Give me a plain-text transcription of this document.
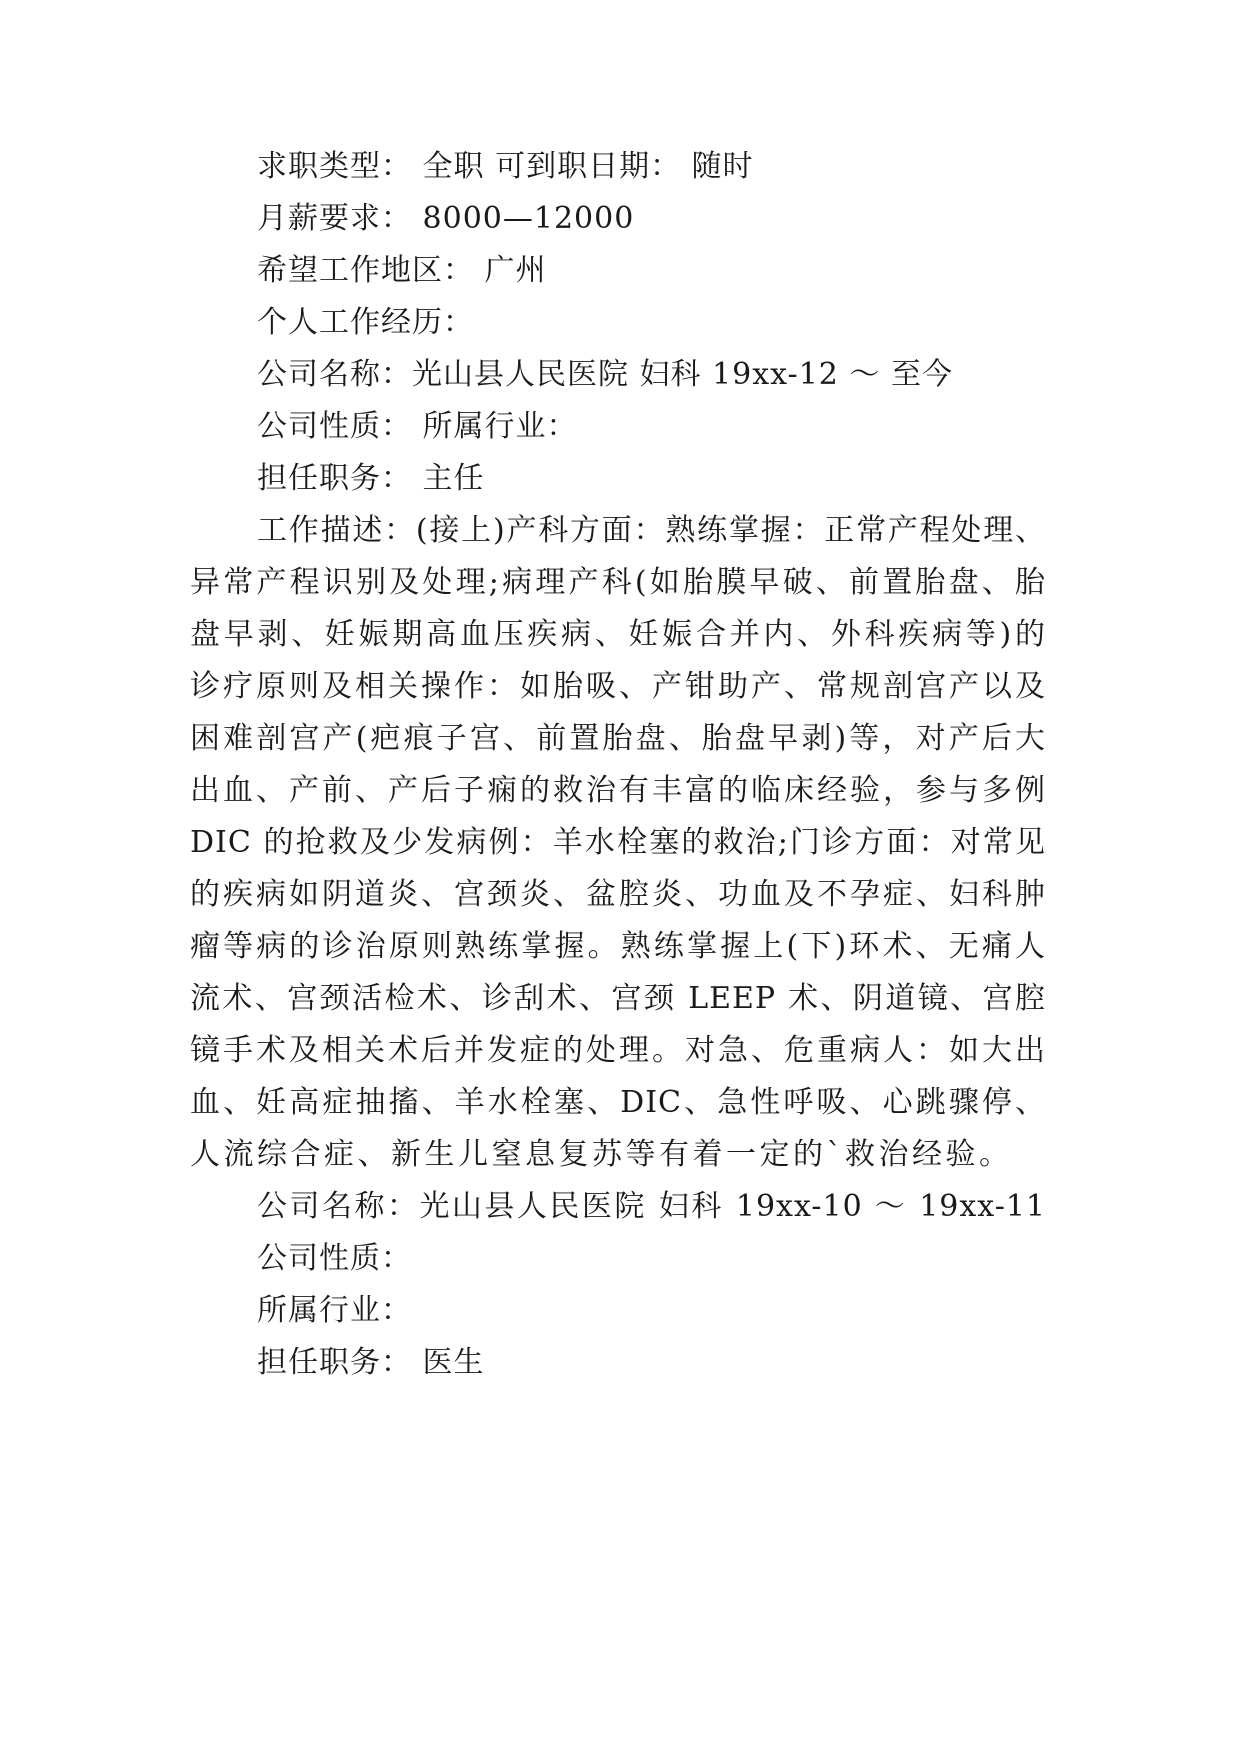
求职类型： 全职 可到职日期： 随时

月薪要求： 8000—12000

希望工作地区： 广州

个人工作经历：

公司名称：光山县人民医院 妇科 19xx-12 ～ 至今

公司性质： 所属行业：

担任职务： 主任

工作描述：(接上)产科方面：熟练掌握：正常产程处理、

异常产程识别及处理;病理产科(如胎膜早破、前置胎盘、胎

盘早剥、妊娠期高血压疾病、妊娠合并内、外科疾病等)的

诊疗原则及相关操作：如胎吸、产钳助产、常规剖宫产以及

困难剖宫产(疤痕子宫、前置胎盘、胎盘早剥)等，对产后大

出血、产前、产后子痫的救治有丰富的临床经验，参与多例

DIC 的抢救及少发病例：羊水栓塞的救治;门诊方面：对常见

的疾病如阴道炎、宫颈炎、盆腔炎、功血及不孕症、妇科肿

瘤等病的诊治原则熟练掌握。熟练掌握上(下)环术、无痛人

流术、宫颈活检术、诊刮术、宫颈 LEEP 术、阴道镜、宫腔

镜手术及相关术后并发症的处理。对急、危重病人：如大出

血、妊高症抽搐、羊水栓塞、DIC、急性呼吸、心跳骤停、

人流综合症、新生儿窒息复苏等有着一定的`救治经验。

公司名称：光山县人民医院 妇科 19xx-10 ～ 19xx-11

公司性质：

所属行业：

担任职务： 医生
